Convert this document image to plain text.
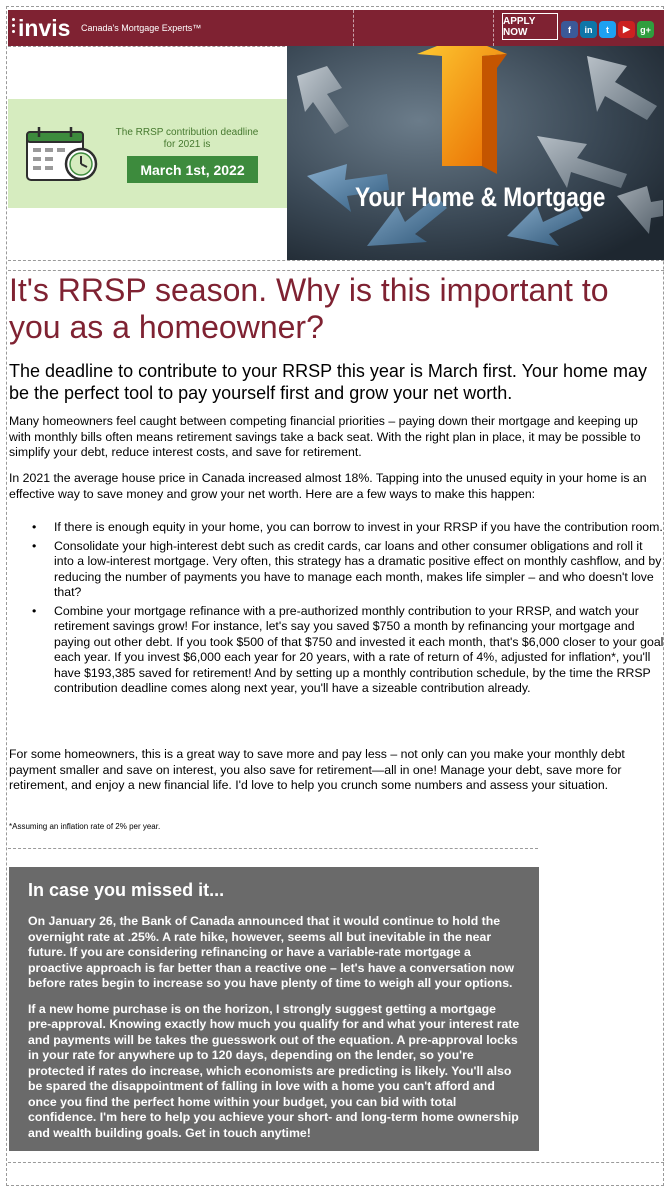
invis Canada's Mortgage Experts™
APPLY NOW	f	in	t	▶	g+
The RRSP contribution deadline for 2021 is
March 1st, 2022
Your Home & Mortgage
It's RRSP season. Why is this important to you as a homeowner?
The deadline to contribute to your RRSP this year is March first. Your home may be the perfect tool to pay yourself first and grow your net worth.

Many homeowners feel caught between competing financial priorities – paying down their mortgage and keeping up with monthly bills often means retirement savings take a back seat. With the right plan in place, it may be possible to simplify your debt, reduce interest costs, and save for retirement.

In 2021 the average house price in Canada increased almost 18%. Tapping into the unused equity in your home is an effective way to save money and grow your net worth. Here are a few ways to make this happen:

• If there is enough equity in your home, you can borrow to invest in your RRSP if you have the contribution room.
• Consolidate your high-interest debt such as credit cards, car loans and other consumer obligations and roll it into a low-interest mortgage. Very often, this strategy has a dramatic positive effect on monthly cashflow, and by reducing the number of payments you have to manage each month, makes life simpler – and who doesn't love that?
• Combine your mortgage refinance with a pre-authorized monthly contribution to your RRSP, and watch your retirement savings grow! For instance, let's say you saved $750 a month by refinancing your mortgage and paying out other debt. If you took $500 of that $750 and invested it each month, that's $6,000 closer to your goal each year. If you invest $6,000 each year for 20 years, with a rate of return of 4%, adjusted for inflation*, you'll have $193,385 saved for retirement! And by setting up a monthly contribution schedule, by the time the RRSP contribution deadline comes along next year, you'll have a sizeable contribution already.

For some homeowners, this is a great way to save more and pay less – not only can you make your monthly debt payment smaller and save on interest, you also save for retirement—all in one! Manage your debt, save more for retirement, and enjoy a new financial life. I'd love to help you crunch some numbers and assess your situation.

*Assuming an inflation rate of 2% per year.
In case you missed it...

On January 26, the Bank of Canada announced that it would continue to hold the overnight rate at .25%. A rate hike, however, seems all but inevitable in the near future. If you are considering refinancing or have a variable-rate mortgage a proactive approach is far better than a reactive one – let's have a conversation now before rates begin to increase so you have plenty of time to weigh all your options.

If a new home purchase is on the horizon, I strongly suggest getting a mortgage pre-approval. Knowing exactly how much you qualify for and what your interest rate and payments will be takes the guesswork out of the equation. A pre-approval locks in your rate for anywhere up to 120 days, depending on the lender, so you're protected if rates do increase, which economists are predicting is likely. You'll also be spared the disappointment of falling in love with a home you can't afford and once you find the perfect home within your budget, you can bid with total confidence. I'm here to help you achieve your short- and long-term home ownership and wealth building goals. Get in touch anytime!
